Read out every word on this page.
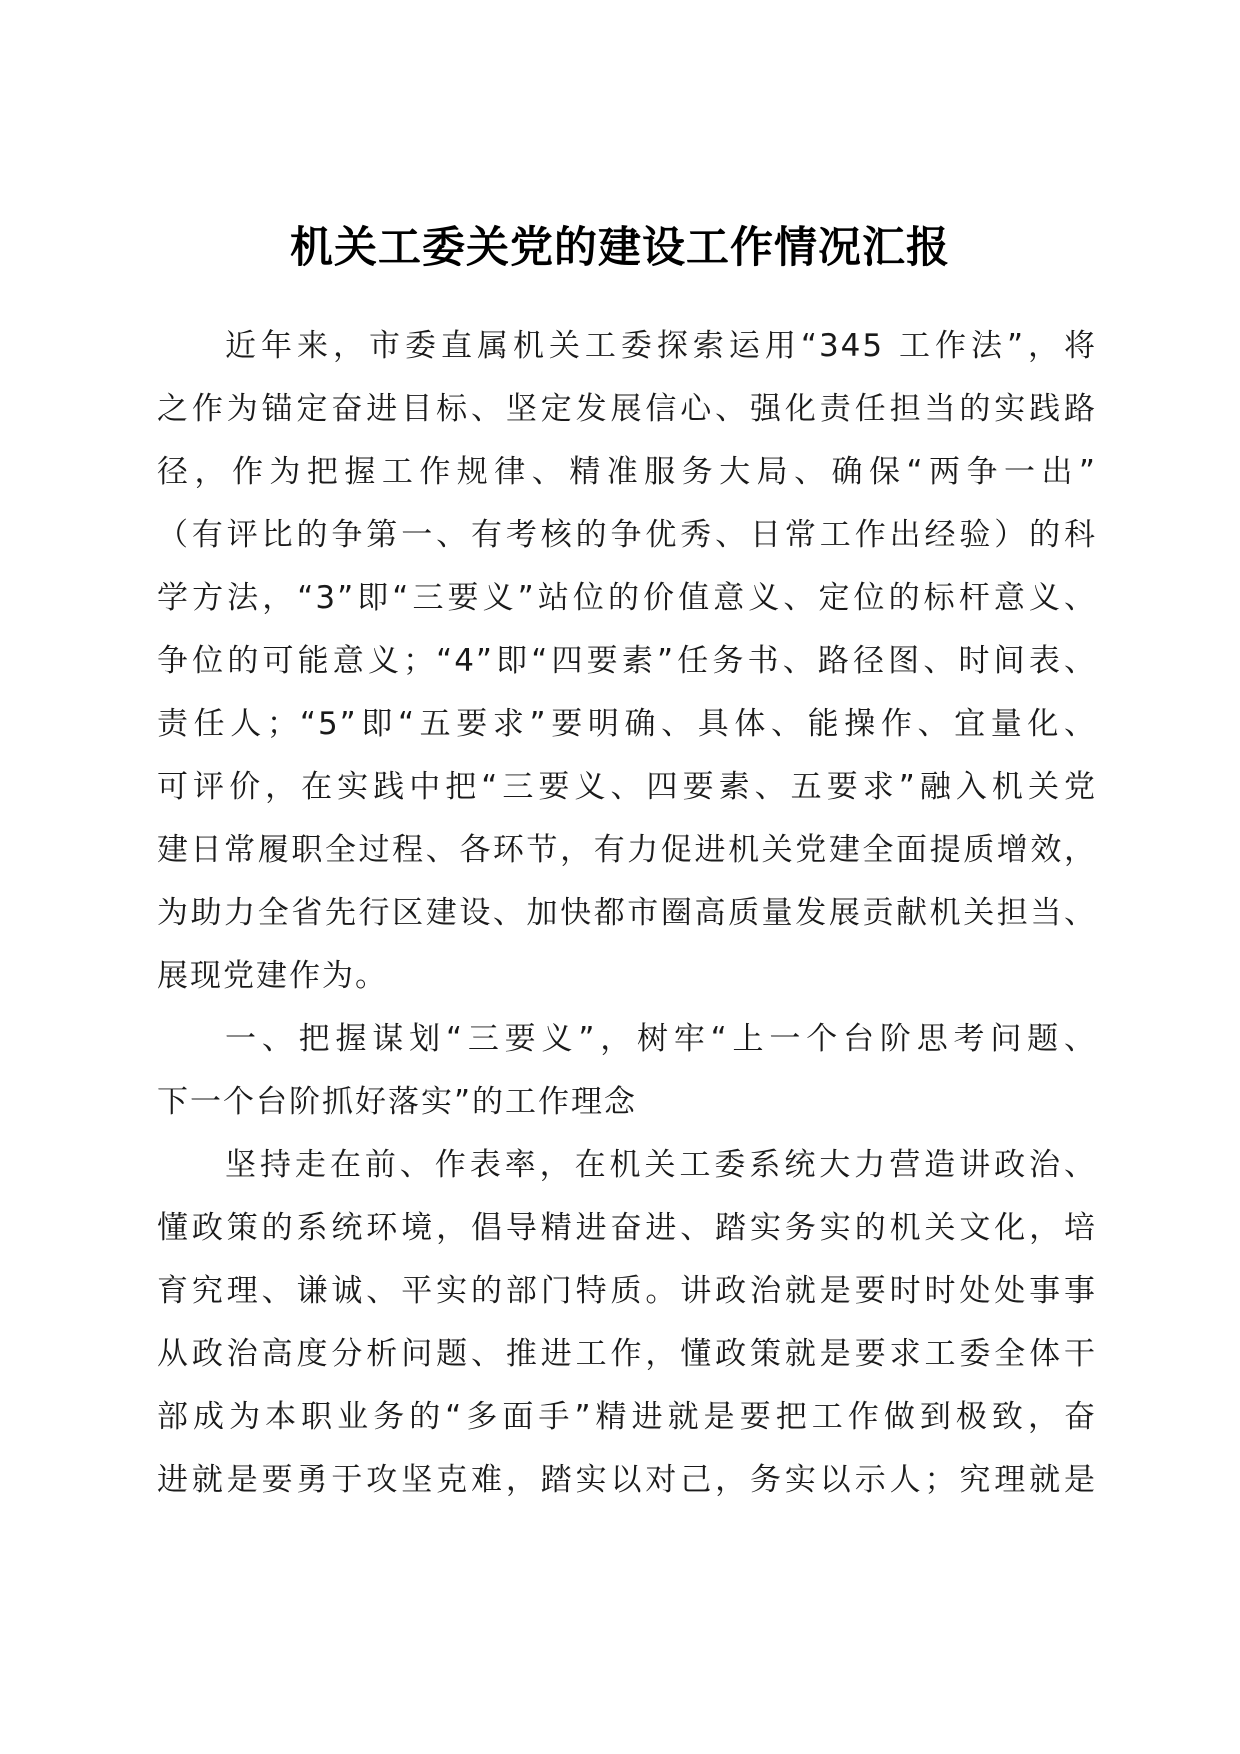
机关工委关党的建设工作情况汇报
近年来，市委直属机关工委探索运用“345 工作法”，将
之作为锚定奋进目标、坚定发展信心、强化责任担当的实践路
径，作为把握工作规律、精准服务大局、确保“两争一出”
（有评比的争第一、有考核的争优秀、日常工作出经验）的科
学方法，“3”即“三要义”站位的价值意义、定位的标杆意义、
争位的可能意义；“4”即“四要素”任务书、路径图、时间表、
责任人；“5”即“五要求”要明确、具体、能操作、宜量化、
可评价，在实践中把“三要义、四要素、五要求”融入机关党
建日常履职全过程、各环节，有力促进机关党建全面提质增效，
为助力全省先行区建设、加快都市圈高质量发展贡献机关担当、
展现党建作为。
一、把握谋划“三要义”，树牢“上一个台阶思考问题、
下一个台阶抓好落实”的工作理念
坚持走在前、作表率，在机关工委系统大力营造讲政治、
懂政策的系统环境，倡导精进奋进、踏实务实的机关文化，培
育究理、谦诚、平实的部门特质。讲政治就是要时时处处事事
从政治高度分析问题、推进工作，懂政策就是要求工委全体干
部成为本职业务的“多面手”精进就是要把工作做到极致，奋
进就是要勇于攻坚克难，踏实以对己，务实以示人；究理就是
